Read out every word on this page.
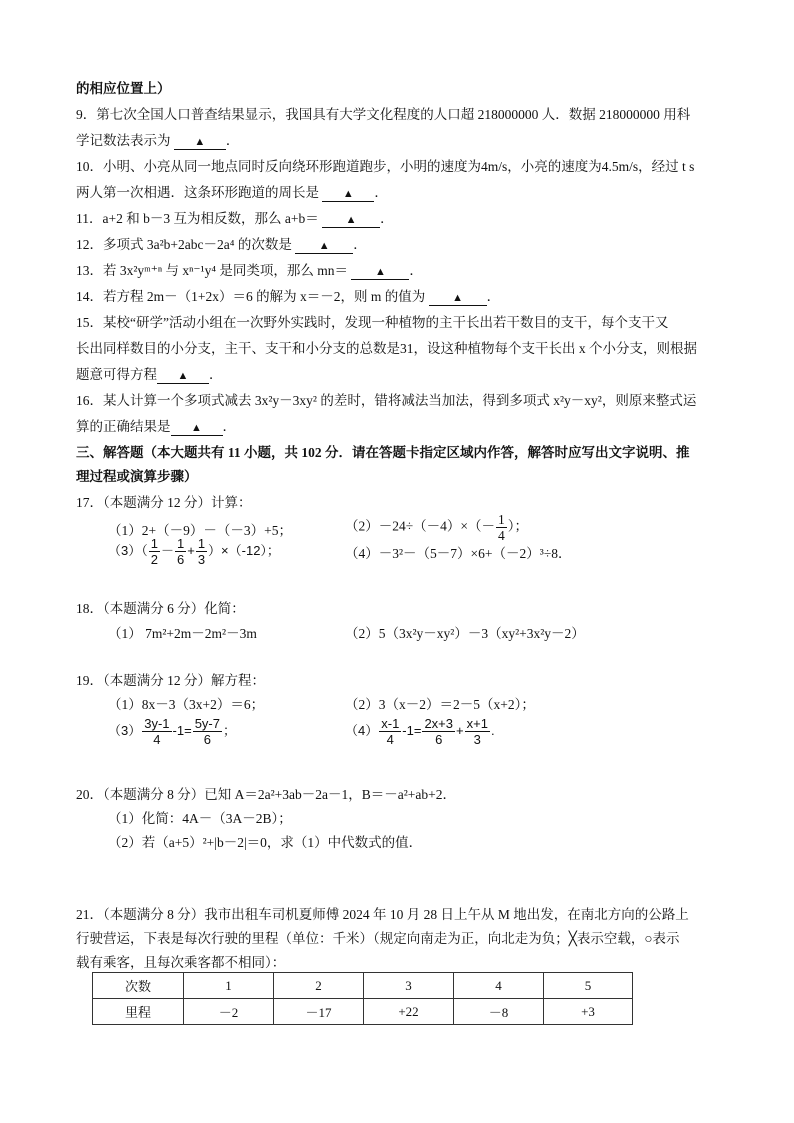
的相应位置上）
9．第七次全国人口普查结果显示，我国具有大学文化程度的人口超 218000000 人．数据 218000000 用科
学记数法表示为 ▲ ．
10．小明、小亮从同一地点同时反向绕环形跑道跑步，小明的速度为4m/s，小亮的速度为4.5m/s，经过 t s
两人第一次相遇．这条环形跑道的周长是 ▲ ．
11．a+2 和 b－3 互为相反数，那么 a+b＝ ▲ ．
12．多项式 3a²b+2abc－2a⁴ 的次数是 ▲ ．
13．若 3x²yᵐ⁺ⁿ 与 xⁿ⁻¹y⁴ 是同类项，那么 mn＝ ▲ ．
14．若方程 2m－（1+2x）＝6 的解为 x＝－2，则 m 的值为 ▲ ．
15．某校“研学”活动小组在一次野外实践时，发现一种植物的主干长出若干数目的支干，每个支干又
长出同样数目的小分支，主干、支干和小分支的总数是31，设这种植物每个支干长出 x 个小分支，则根据
题意可得方程 ▲ ．
16．某人计算一个多项式减去 3x²y－3xy² 的差时，错将减法当加法，得到多项式 x²y－xy²，则原来整式运
算的正确结果是 ▲ ．
三、解答题（本大题共有 11 小题，共 102 分．请在答题卡指定区域内作答，解答时应写出文字说明、推
理过程或演算步骤）
17．（本题满分 12 分）计算：
（1）2+（－9）－（－3）+5；	$(2)-24\div(-4)\times(- \frac{1}{4}$ ）；
$(3)( \frac{1}{2} - \frac{1}{6} + \frac{1}{3} )\times(-12)$；	（4）－3²－（5－7）×6+（－2）³÷8．
18．（本题满分 6 分）化简：
（1） 7m²+2m－2m²－3m	（2）5（3x²y－xy²）－3（xy²+3x²y－2）
19．（本题满分 12 分）解方程：
（1）8x－3（3x+2）＝6；	（2）3（x－2）＝2－5（x+2）；
$(3) \frac{3y-1}{4} -1= \frac{5y-7}{6}$ ；	$(4) \frac{x-1}{4} -1= \frac{2x+3}{6} + \frac{x+1}{3}$ .
20．（本题满分 8 分）已知 A＝2a²+3ab－2a－1，B＝－a²+ab+2．
（1）化简：4A－（3A－2B）；
（2）若（a+5）²+|b－2|＝0，求（1）中代数式的值．
21．（本题满分 8 分）我市出租车司机夏师傅 2024 年 10 月 28 日上午从 M 地出发，在南北方向的公路上
行驶营运，下表是每次行驶的里程（单位：千米）（规定向南走为正，向北走为负；╳表示空载，○表示
载有乘客，且每次乘客都不相同）：
次数	1	2	3	4	5
里程	－2	－17	+22	－8	+3
